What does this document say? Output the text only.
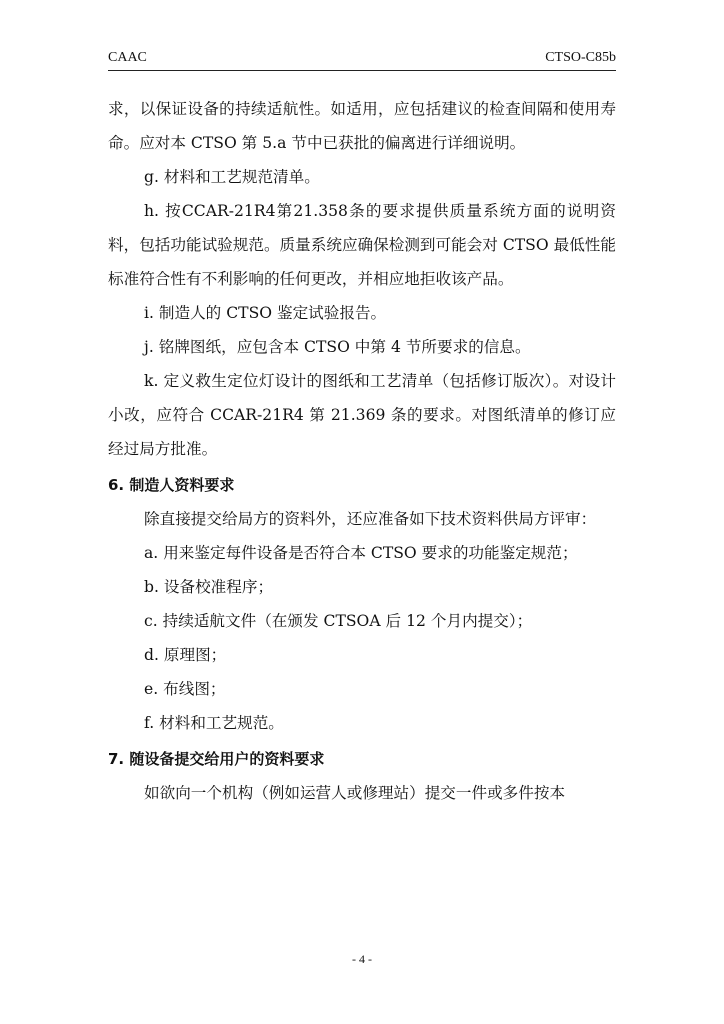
CAAC	CTSO-C85b

求，以保证设备的持续适航性。如适用，应包括建议的检查间隔和使用寿命。应对本 CTSO 第 5.a 节中已获批的偏离进行详细说明。

g. 材料和工艺规范清单。

h. 按CCAR-21R4第21.358条的要求提供质量系统方面的说明资料，包括功能试验规范。质量系统应确保检测到可能会对 CTSO 最低性能标准符合性有不利影响的任何更改，并相应地拒收该产品。

i. 制造人的 CTSO 鉴定试验报告。

j. 铭牌图纸，应包含本 CTSO 中第 4 节所要求的信息。

k. 定义救生定位灯设计的图纸和工艺清单（包括修订版次）。对设计小改，应符合 CCAR-21R4 第 21.369 条的要求。对图纸清单的修订应经过局方批准。

6. 制造人资料要求

除直接提交给局方的资料外，还应准备如下技术资料供局方评审：

a. 用来鉴定每件设备是否符合本 CTSO 要求的功能鉴定规范；

b. 设备校准程序；

c. 持续适航文件（在颁发 CTSOA 后 12 个月内提交）；

d. 原理图；

e. 布线图；

f. 材料和工艺规范。

7. 随设备提交给用户的资料要求

如欲向一个机构（例如运营人或修理站）提交一件或多件按本

- 4 -
